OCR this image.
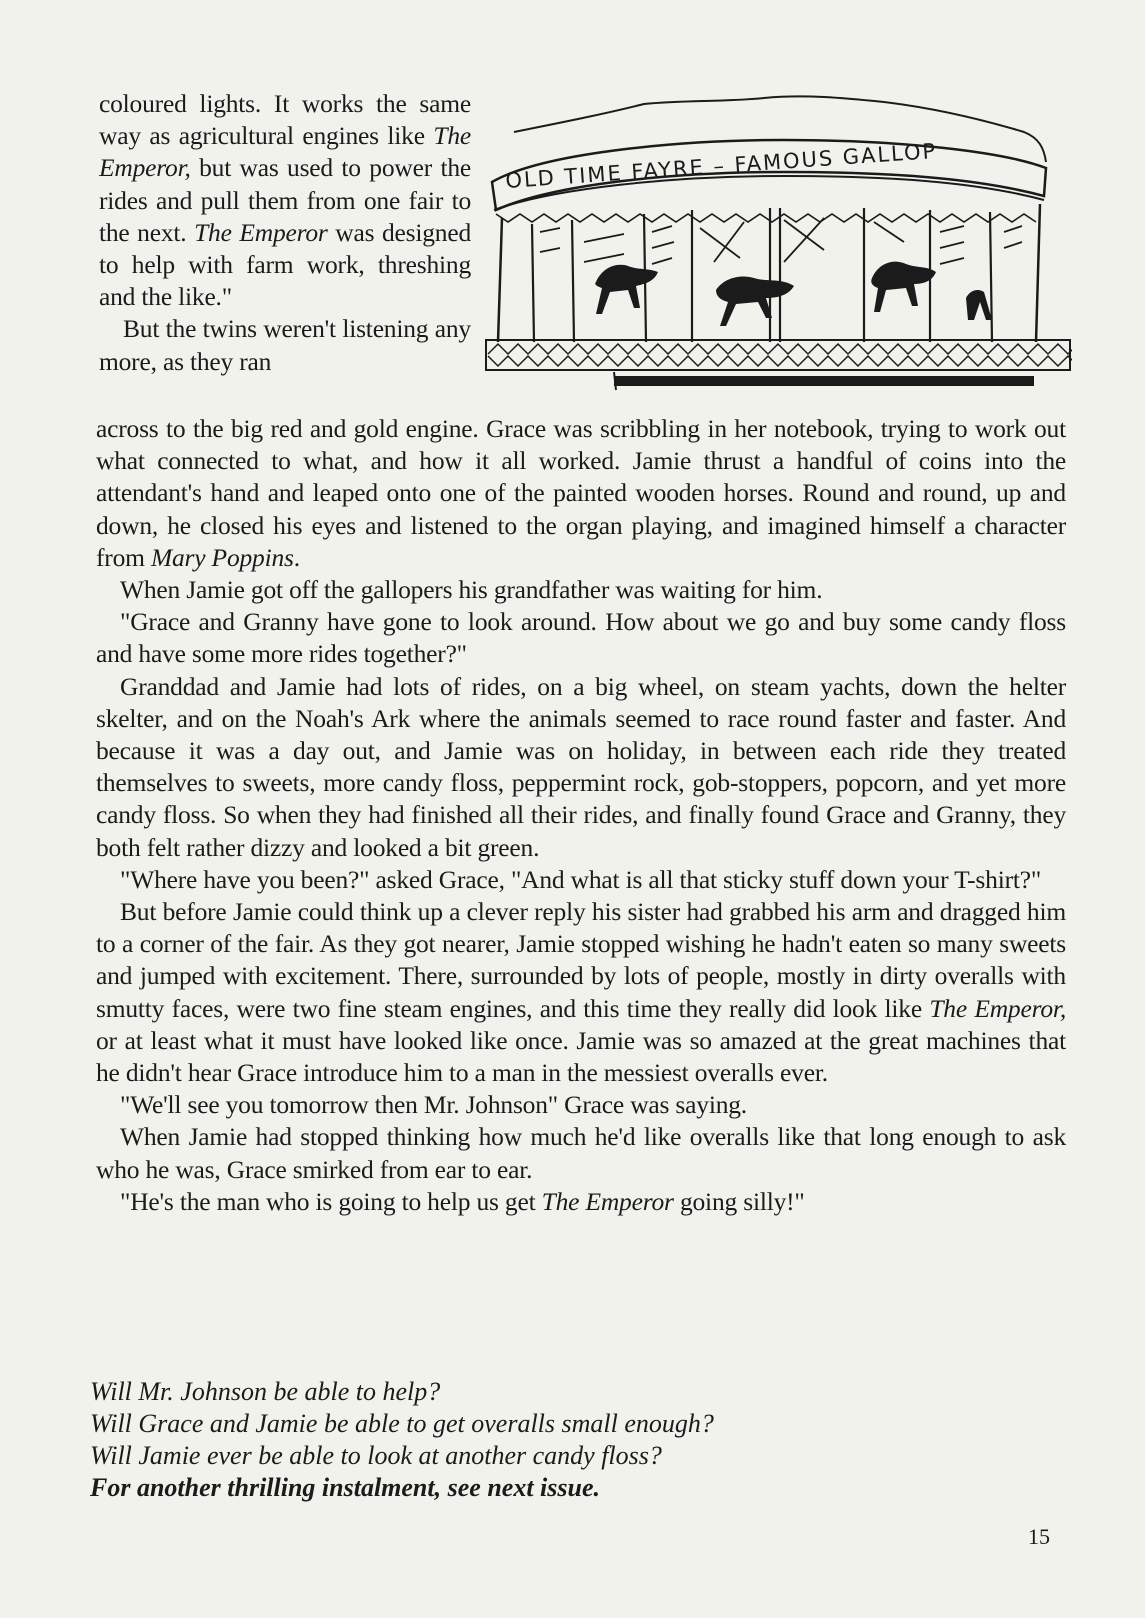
coloured lights. It works the same way as agricultural engines like The Emperor, but was used to power the rides and pull them from one fair to the next. The Emperor was designed to help with farm work, threshing and the like."

But the twins weren't listening any more, as they ran

OLD TIME FAYRE – FAMOUS GALLOP

across to the big red and gold engine. Grace was scribbling in her notebook, trying to work out what connected to what, and how it all worked. Jamie thrust a handful of coins into the attendant's hand and leaped onto one of the painted wooden horses. Round and round, up and down, he closed his eyes and listened to the organ playing, and imagined himself a character from Mary Poppins.

When Jamie got off the gallopers his grandfather was waiting for him.

"Grace and Granny have gone to look around. How about we go and buy some candy floss and have some more rides together?"

Granddad and Jamie had lots of rides, on a big wheel, on steam yachts, down the helter skelter, and on the Noah's Ark where the animals seemed to race round faster and faster. And because it was a day out, and Jamie was on holiday, in between each ride they treated themselves to sweets, more candy floss, peppermint rock, gob-stoppers, popcorn, and yet more candy floss. So when they had finished all their rides, and finally found Grace and Granny, they both felt rather dizzy and looked a bit green.

"Where have you been?" asked Grace, "And what is all that sticky stuff down your T-shirt?"

But before Jamie could think up a clever reply his sister had grabbed his arm and dragged him to a corner of the fair. As they got nearer, Jamie stopped wishing he hadn't eaten so many sweets and jumped with excitement. There, surrounded by lots of people, mostly in dirty overalls with smutty faces, were two fine steam engines, and this time they really did look like The Emperor, or at least what it must have looked like once. Jamie was so amazed at the great machines that he didn't hear Grace introduce him to a man in the messiest overalls ever.

"We'll see you tomorrow then Mr. Johnson" Grace was saying.

When Jamie had stopped thinking how much he'd like overalls like that long enough to ask who he was, Grace smirked from ear to ear.

"He's the man who is going to help us get The Emperor going silly!"

Will Mr. Johnson be able to help?
Will Grace and Jamie be able to get overalls small enough?
Will Jamie ever be able to look at another candy floss?
For another thrilling instalment, see next issue.
15
